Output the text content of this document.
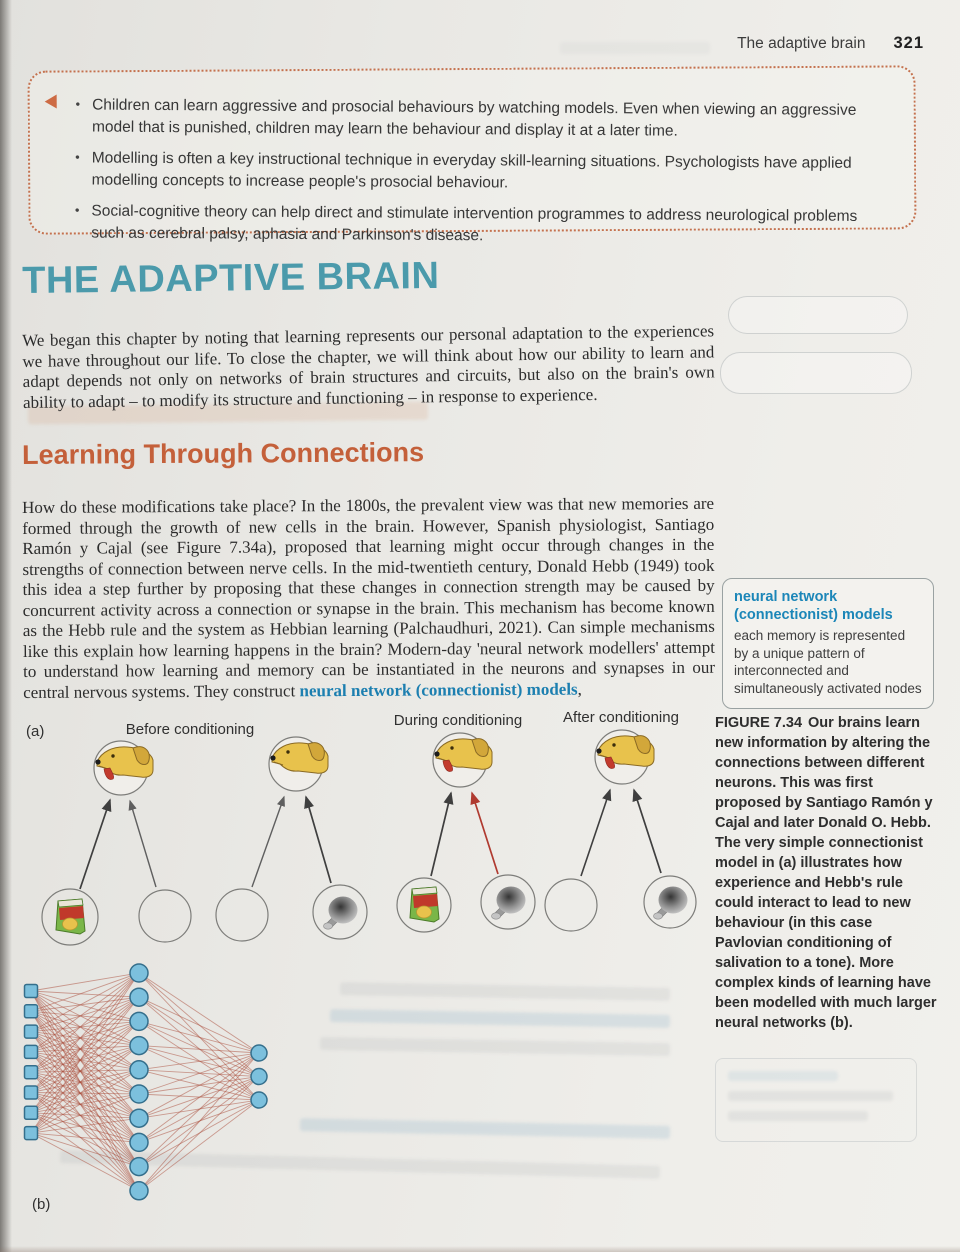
The adaptive brain 321
• Children can learn aggressive and prosocial behaviours by watching models. Even when viewing an aggressive model that is punished, children may learn the behaviour and display it at a later time.
• Modelling is often a key instructional technique in everyday skill-learning situations. Psychologists have applied modelling concepts to increase people's prosocial behaviour.
• Social-cognitive theory can help direct and stimulate intervention programmes to address neurological problems such as cerebral palsy, aphasia and Parkinson's disease.
THE ADAPTIVE BRAIN

We began this chapter by noting that learning represents our personal adaptation to the experiences we have throughout our life. To close the chapter, we will think about how our ability to learn and adapt depends not only on networks of brain structures and circuits, but also on the brain's own ability to adapt – to modify its structure and functioning – in response to experience.

Learning Through Connections

How do these modifications take place? In the 1800s, the prevalent view was that new memories are formed through the growth of new cells in the brain. However, Spanish physiologist, Santiago Ramón y Cajal (see Figure 7.34a), proposed that learning might occur through changes in the strengths of connection between nerve cells. In the mid-twentieth century, Donald Hebb (1949) took this idea a step further by proposing that these changes in connection strength may be caused by concurrent activity across a connection or synapse in the brain. This mechanism has become known as the Hebb rule and the system as Hebbian learning (Palchaudhuri, 2021). Can simple mechanisms like this explain how learning happens in the brain? Modern-day 'neural network modellers' attempt to understand how learning and memory can be instantiated in the neurons and synapses in our central nervous systems. They construct neural network (connectionist) models,

neural network (connectionist) models
each memory is represented by a unique pattern of interconnected and simultaneously activated nodes
FIGURE 7.34 Our brains learn new information by altering the connections between different neurons. This was first proposed by Santiago Ramón y Cajal and later Donald O. Hebb. The very simple connectionist model in (a) illustrates how experience and Hebb's rule could interact to lead to new behaviour (in this case Pavlovian conditioning of salivation to a tone). More complex kinds of learning have been modelled with much larger neural networks (b).
(a)	Before conditioning
During conditioning	After conditioning
(b)
